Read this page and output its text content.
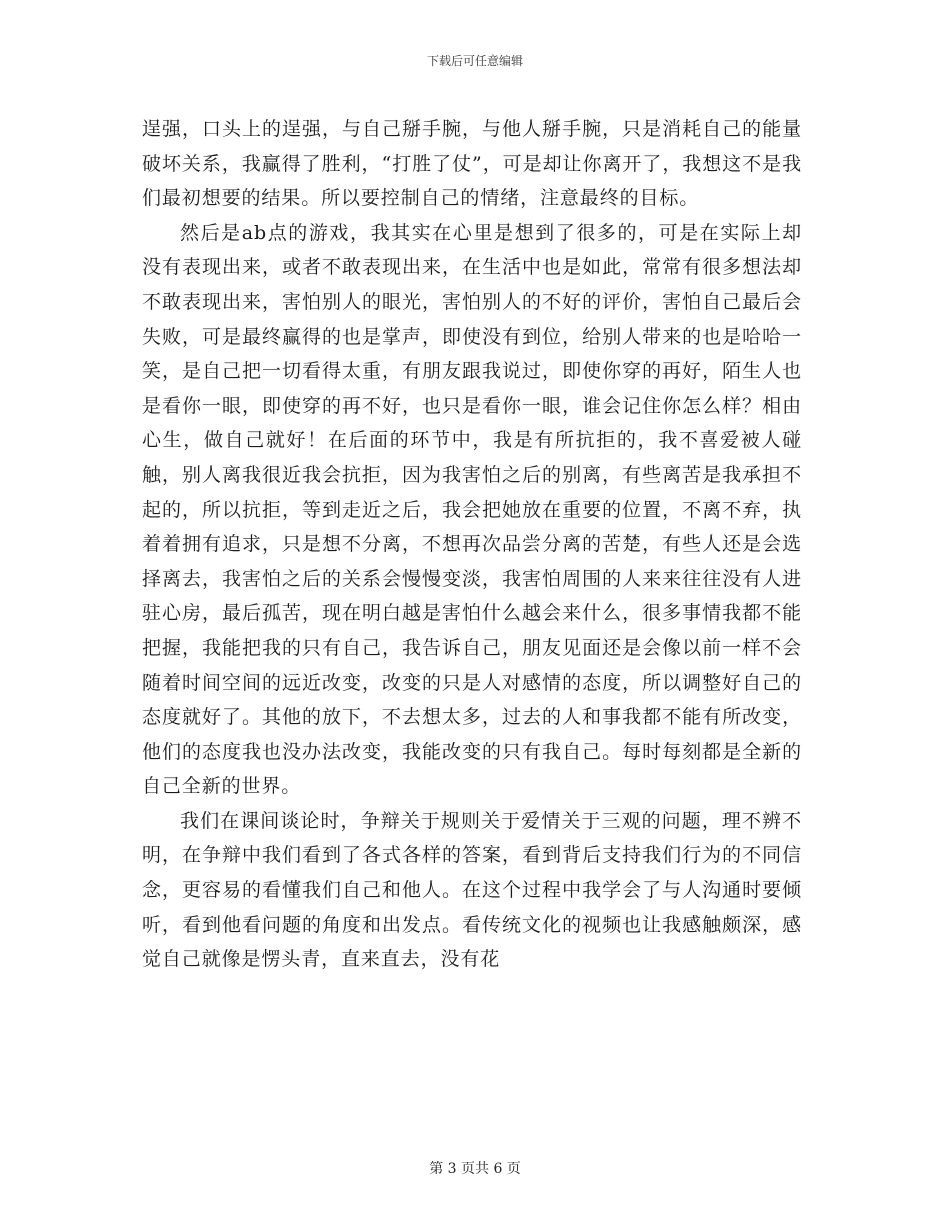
下载后可任意编辑

逞强，口头上的逞强，与自己掰手腕，与他人掰手腕，只是消耗自己的能量破坏关系，我赢得了胜利，“打胜了仗”，可是却让你离开了，我想这不是我们最初想要的结果。所以要控制自己的情绪，注意最终的目标。

然后是ab点的游戏，我其实在心里是想到了很多的，可是在实际上却没有表现出来，或者不敢表现出来，在生活中也是如此，常常有很多想法却不敢表现出来，害怕别人的眼光，害怕别人的不好的评价，害怕自己最后会失败，可是最终赢得的也是掌声，即使没有到位，给别人带来的也是哈哈一笑，是自己把一切看得太重，有朋友跟我说过，即使你穿的再好，陌生人也是看你一眼，即使穿的再不好，也只是看你一眼，谁会记住你怎么样？相由心生，做自己就好！在后面的环节中，我是有所抗拒的，我不喜爱被人碰触，别人离我很近我会抗拒，因为我害怕之后的别离，有些离苦是我承担不起的，所以抗拒，等到走近之后，我会把她放在重要的位置，不离不弃，执着着拥有追求，只是想不分离，不想再次品尝分离的苦楚，有些人还是会选择离去，我害怕之后的关系会慢慢变淡，我害怕周围的人来来往往没有人进驻心房，最后孤苦，现在明白越是害怕什么越会来什么，很多事情我都不能把握，我能把我的只有自己，我告诉自己，朋友见面还是会像以前一样不会随着时间空间的远近改变，改变的只是人对感情的态度，所以调整好自己的态度就好了。其他的放下，不去想太多，过去的人和事我都不能有所改变，他们的态度我也没办法改变，我能改变的只有我自己。每时每刻都是全新的自己全新的世界。

我们在课间谈论时，争辩关于规则关于爱情关于三观的问题，理不辨不明，在争辩中我们看到了各式各样的答案，看到背后支持我们行为的不同信念，更容易的看懂我们自己和他人。在这个过程中我学会了与人沟通时要倾听，看到他看问题的角度和出发点。看传统文化的视频也让我感触颇深，感觉自己就像是愣头青，直来直去，没有花

第 3 页共 6 页
